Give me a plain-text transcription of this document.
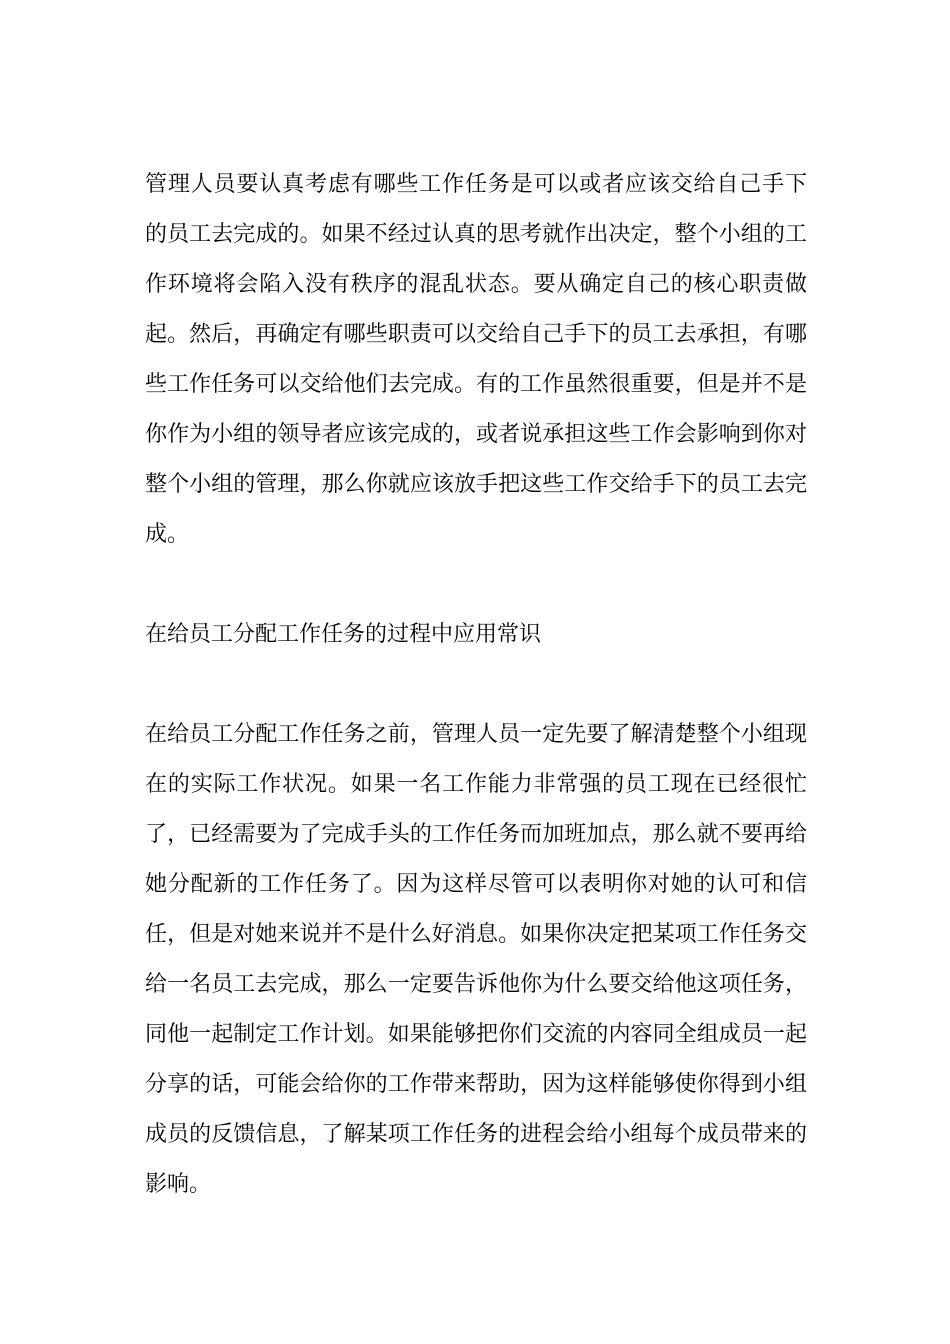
管理人员要认真考虑有哪些工作任务是可以或者应该交给自己手下

的员工去完成的。如果不经过认真的思考就作出决定，整个小组的工

作环境将会陷入没有秩序的混乱状态。要从确定自己的核心职责做

起。然后，再确定有哪些职责可以交给自己手下的员工去承担，有哪

些工作任务可以交给他们去完成。有的工作虽然很重要，但是并不是

你作为小组的领导者应该完成的，或者说承担这些工作会影响到你对

整个小组的管理，那么你就应该放手把这些工作交给手下的员工去完

成。

在给员工分配工作任务的过程中应用常识

在给员工分配工作任务之前，管理人员一定先要了解清楚整个小组现

在的实际工作状况。如果一名工作能力非常强的员工现在已经很忙

了，已经需要为了完成手头的工作任务而加班加点，那么就不要再给

她分配新的工作任务了。因为这样尽管可以表明你对她的认可和信

任，但是对她来说并不是什么好消息。如果你决定把某项工作任务交

给一名员工去完成，那么一定要告诉他你为什么要交给他这项任务，

同他一起制定工作计划。如果能够把你们交流的内容同全组成员一起

分享的话，可能会给你的工作带来帮助，因为这样能够使你得到小组

成员的反馈信息，了解某项工作任务的进程会给小组每个成员带来的

影响。
